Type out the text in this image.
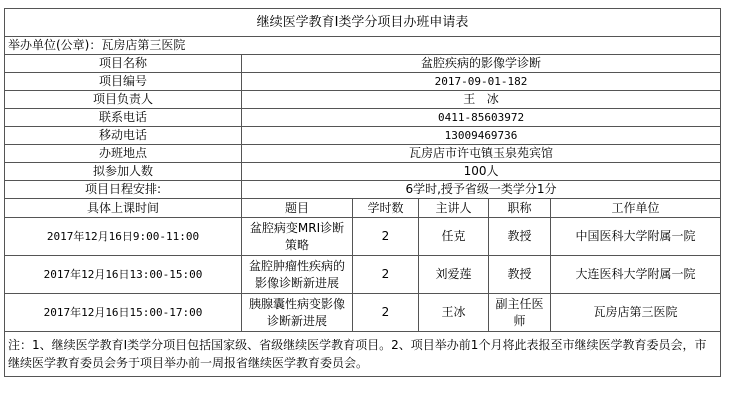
继续医学教育I类学分项目办班申请表					
举办单位(公章)：瓦房店第三医院					
项目名称	盆腔疾病的影像学诊断				
项目编号	2017-09-01-182				
项目负责人	王   冰				
联系电话	0411-85603972				
移动电话	13009469736				
办班地点	瓦房店市许屯镇玉泉苑宾馆				
拟参加人数	100人				
项目日程安排:	6学时,授予省级一类学分1分				
具体上课时间	题目	学时数	主讲人	职称	工作单位
2017年12月16日9:00-11:00	盆腔病变MRI诊断策略	2	任克	教授	中国医科大学附属一院
2017年12月16日13:00-15:00	盆腔肿瘤性疾病的影像诊断新进展	2	刘爱莲	教授	大连医科大学附属一院
2017年12月16日15:00-17:00	胰腺囊性病变影像诊断新进展	2	王冰	副主任医师	瓦房店第三医院
注：1、继续医学教育I类学分项目包括国家级、省级继续医学教育项目。2、项目举办前1个月将此表报至市继续医学教育委员会，市继续医学教育委员会务于项目举办前一周报省继续医学教育委员会。					
